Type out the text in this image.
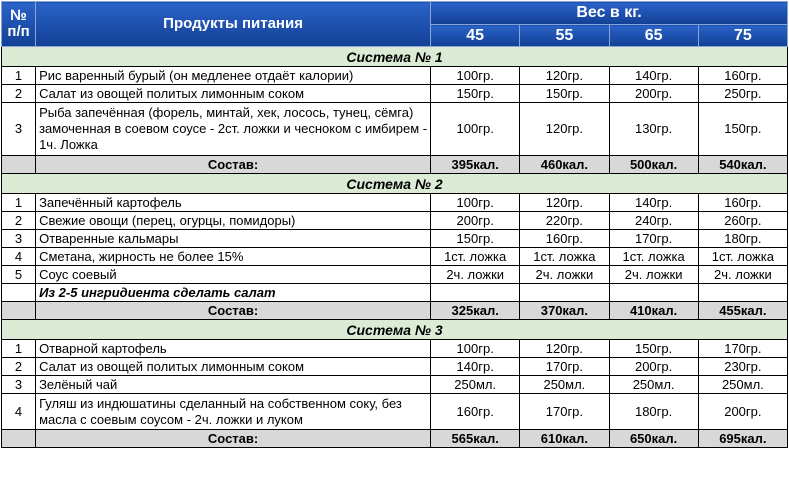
№
п/п	Продукты питания	Вес в кг.			
		45	55	65	75
Система № 1					
1	Рис варенный бурый (он медленее отдаёт калории)	100гр.	120гр.	140гр.	160гр.
2	Салат из овощей политых лимонным соком	150гр.	150гр.	200гр.	250гр.
3	Рыба запечённая (форель, минтай, хек, лосось, тунец, сёмга) замоченная в соевом соусе - 2ст. ложки и чесноком с имбирем - 1ч. Ложка	100гр.	120гр.	130гр.	150гр.
	Состав:	395кал.	460кал.	500кал.	540кал.
Система № 2					
1	Запечённый картофель	100гр.	120гр.	140гр.	160гр.
2	Свежие овощи (перец, огурцы, помидоры)	200гр.	220гр.	240гр.	260гр.
3	Отваренные кальмары	150гр.	160гр.	170гр.	180гр.
4	Сметана, жирность не более 15%	1ст. ложка	1ст. ложка	1ст. ложка	1ст. ложка
5	Соус соевый	2ч. ложки	2ч. ложки	2ч. ложки	2ч. ложки
	Из 2-5 ингридиента сделать салат				
	Состав:	325кал.	370кал.	410кал.	455кал.
Система № 3					
1	Отварной картофель	100гр.	120гр.	150гр.	170гр.
2	Салат из овощей политых лимонным соком	140гр.	170гр.	200гр.	230гр.
3	Зелёный чай	250мл.	250мл.	250мл.	250мл.
4	Гуляш из индюшатины сделанный на собственном соку, без масла с соевым соусом - 2ч. ложки и луком	160гр.	170гр.	180гр.	200гр.
	Состав:	565кал.	610кал.	650кал.	695кал.
